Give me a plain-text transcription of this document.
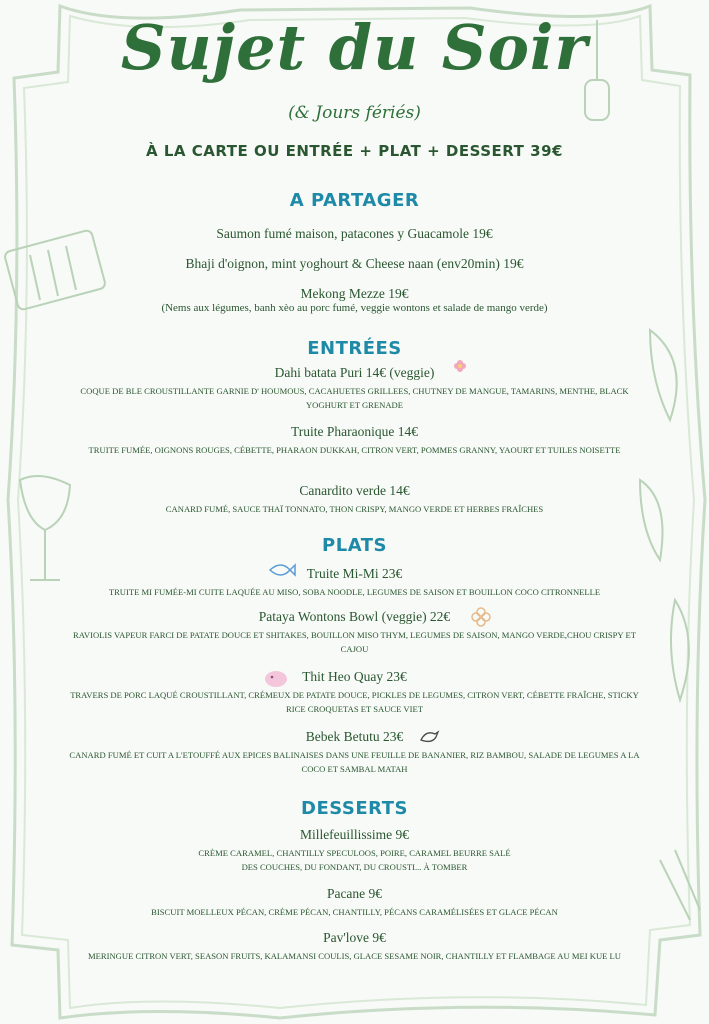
Sujet du Soir
(& Jours fériés)
À LA CARTE OU ENTRÉE + PLAT + DESSERT 39€
A PARTAGER
Saumon fumé maison, patacones y Guacamole 19€
Bhaji d'oignon, mint yoghourt & Cheese naan (env20min) 19€
Mekong Mezze 19€
(Nems aux légumes, banh xèo au porc fumé, veggie wontons et salade de mango verde)
ENTRÉES
Dahi batata Puri 14€ (veggie)
COQUE DE BLE CROUSTILLANTE GARNIE D' HOUMOUS, CACAHUETES GRILLEES, CHUTNEY DE MANGUE, TAMARINS, MENTHE, BLACK YOGHURT ET GRENADE
Truite Pharaonique 14€
TRUITE FUMÉE, OIGNONS ROUGES, CÉBETTE, PHARAON DUKKAH, CITRON VERT, POMMES GRANNY, YAOURT ET TUILES NOISETTE
Canardito verde 14€
CANARD FUMÉ, SAUCE THAÏ TONNATO, THON CRISPY, MANGO VERDE ET HERBES FRAÎCHES
PLATS
Truite Mi-Mi 23€
TRUITE MI FUMÉE-MI CUITE LAQUÉE AU MISO, SOBA NOODLE, LEGUMES DE SAISON ET BOUILLON COCO CITRONNELLE
Pataya Wontons Bowl (veggie) 22€
RAVIOLIS VAPEUR FARCI DE PATATE DOUCE ET SHITAKES, BOUILLON MISO THYM, LEGUMES DE SAISON, MANGO VERDE,CHOU CRISPY ET CAJOU
Thit Heo Quay 23€
TRAVERS DE PORC LAQUÉ CROUSTILLANT, CRÉMEUX DE PATATE DOUCE, PICKLES DE LEGUMES, CITRON VERT, CÉBETTE FRAÎCHE, STICKY RICE CROQUETAS ET SAUCE VIET
Bebek Betutu 23€
CANARD FUMÉ ET CUIT A L'ETOUFFÉ AUX EPICES BALINAISES DANS UNE FEUILLE DE BANANIER, RIZ BAMBOU, SALADE DE LEGUMES A LA COCO ET SAMBAL MATAH
DESSERTS
Millefeuillissime 9€
CRÈME CARAMEL, CHANTILLY SPECULOOS, POIRE, CARAMEL BEURRE SALÉ
DES COUCHES, DU FONDANT, DU CROUSTI... À TOMBER
Pacane 9€
BISCUIT MOELLEUX PÉCAN, CRÈME PÉCAN, CHANTILLY, PÉCANS CARAMÉLISÉES ET GLACE PÉCAN
Pav'love 9€
MERINGUE CITRON VERT, SEASON FRUITS, KALAMANSI COULIS, GLACE SESAME NOIR, CHANTILLY ET FLAMBAGE AU MEI KUE LU
